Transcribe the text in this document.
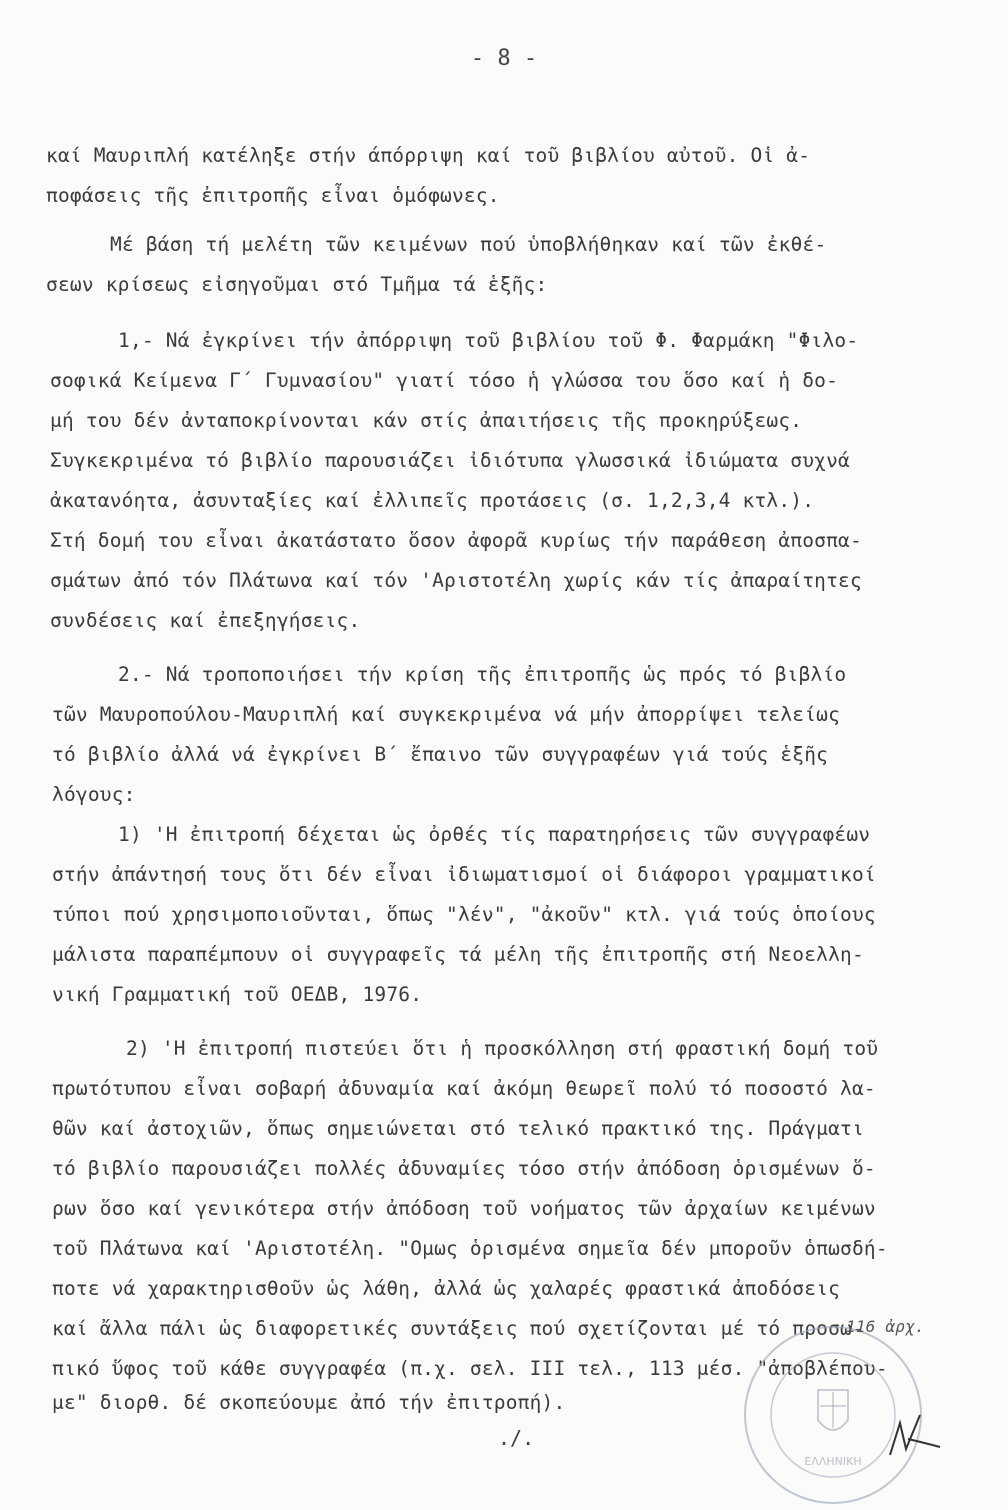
- 8 -
καί Μαυριπλή κατέληξε στήν άπόρριψη καί τοῦ βιβλίου αὐτοῦ. Οἱ ἀ-
ποφάσεις τῆς ἐπιτροπῆς εἶναι ὁμόφωνες.
Μέ βάση τή μελέτη τῶν κειμένων πού ὑποβλήθηκαν καί τῶν ἐκθέ-
σεων κρίσεως εἰσηγοῦμαι στό Τμῆμα τά ἑξῆς:
1,- Νά ἐγκρίνει τήν ἀπόρριψη τοῦ βιβλίου τοῦ Φ. Φαρμάκη "Φιλο-
σοφικά Κείμενα Γ΄ Γυμνασίου" γιατί τόσο ἡ γλώσσα του ὅσο καί ἡ δο-
μή του δέν ἀνταποκρίνονται κάν στίς ἀπαιτήσεις τῆς προκηρύξεως.
Συγκεκριμένα τό βιβλίο παρουσιάζει ἰδιότυπα γλωσσικά ἰδιώματα συχνά
ἀκατανόητα, ἀσυνταξίες καί ἐλλιπεῖς προτάσεις (σ. 1,2,3,4 κτλ.).
Στή δομή του εἶναι ἀκατάστατο ὅσον ἀφορᾶ κυρίως τήν παράθεση ἀποσπα-
σμάτων ἀπό τόν Πλάτωνα καί τόν 'Αριστοτέλη χωρίς κάν τίς ἀπαραίτητες
συνδέσεις καί ἐπεξηγήσεις.
2.- Νά τροποποιήσει τήν κρίση τῆς ἐπιτροπῆς ὡς πρός τό βιβλίο
τῶν Μαυροπούλου-Μαυριπλή καί συγκεκριμένα νά μήν ἀπορρίψει τελείως
τό βιβλίο ἀλλά νά ἐγκρίνει Β΄ ἔπαινο τῶν συγγραφέων γιά τούς ἑξῆς
λόγους:
1) 'Η ἐπιτροπή δέχεται ὡς ὀρθές τίς παρατηρήσεις τῶν συγγραφέων
στήν ἀπάντησή τους ὅτι δέν εἶναι ἰδιωματισμοί οἱ διάφοροι γραμματικοί
τύποι πού χρησιμοποιοῦνται, ὅπως "λέν", "ἀκοῦν" κτλ. γιά τούς ὁποίους
μάλιστα παραπέμπουν οἱ συγγραφεῖς τά μέλη τῆς ἐπιτροπῆς στή Νεοελλη-
νική Γραμματική τοῦ ΟΕΔΒ, 1976.
2) 'Η ἐπιτροπή πιστεύει ὅτι ἡ προσκόλληση στή φραστική δομή τοῦ
πρωτότυπου εἶναι σοβαρή ἀδυναμία καί ἀκόμη θεωρεῖ πολύ τό ποσοστό λα-
θῶν καί ἀστοχιῶν, ὅπως σημειώνεται στό τελικό πρακτικό της. Πράγματι
τό βιβλίο παρουσιάζει πολλές ἀδυναμίες τόσο στήν ἀπόδοση ὁρισμένων ὅ-
ρων ὅσο καί γενικότερα στήν ἀπόδοση τοῦ νοήματος τῶν ἀρχαίων κειμένων
τοῦ Πλάτωνα καί 'Αριστοτέλη. "Ομως ὁρισμένα σημεῖα δέν μποροῦν ὁπωσδή-
ποτε νά χαρακτηρισθοῦν ὡς λάθη, ἀλλά ὡς χαλαρές φραστικά ἀποδόσεις
καί ἄλλα πάλι ὡς διαφορετικές συντάξεις πού σχετίζονται μέ τό προσω-
πικό ὕφος τοῦ κάθε συγγραφέα (π.χ. σελ. III τελ., 113 μέσ. "ἀποβλέπου-
με" διορθ. δέ σκοπεύουμε ἀπό τήν ἐπιτροπή).
./.
ΕΛΛΗΝΙΚΗ
116 ἀρχ.
